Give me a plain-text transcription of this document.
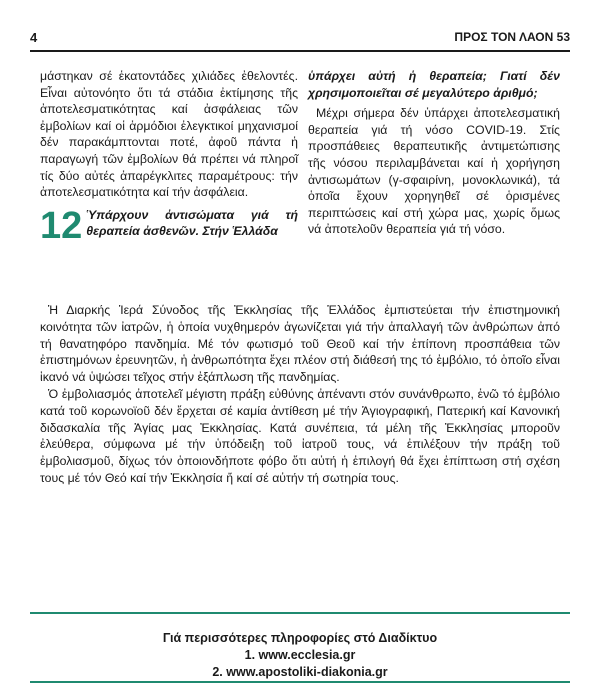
4	ΠΡΟΣ ΤΟΝ ΛΑΟΝ 53

μάστηκαν σέ ἑκατοντάδες χιλιάδες ἐθελοντές. Εἶναι αὐτονόητο ὅτι τά στάδια ἐκτίμησης τῆς ἀποτελεσματικότητας καί ἀσφάλειας τῶν ἐμβολίων καί οἱ ἁρμόδιοι ἐλεγκτικοί μηχανισμοί δέν παρακάμπτονται ποτέ, ἀφοῦ πάντα ἡ παραγωγή τῶν ἐμβολίων θά πρέπει νά πληροῖ τίς δύο αὐτές ἀπαρέγκλιτες παραμέτρους: τήν ἀποτελεσματικότητα καί τήν ἀσφάλεια.

12 Ὑπάρχουν ἀντισώματα γιά τή θεραπεία ἀσθενῶν. Στήν Ἑλλάδα

ὑπάρχει αὐτή ἡ θεραπεία; Γιατί δέν χρησιμοποιεῖται σέ μεγαλύτερο ἀριθμό;

Μέχρι σήμερα δέν ὑπάρχει ἀποτελεσματική θεραπεία γιά τή νόσο COVID-19. Στίς προσπάθειες θεραπευτικῆς ἀντιμετώπισης τῆς νόσου περιλαμβάνεται καί ἡ χορήγηση ἀντισωμάτων (γ-σφαιρίνη, μονοκλωνικά), τά ὁποῖα ἔχουν χορηγηθεῖ σέ ὁρισμένες περιπτώσεις καί στή χώρα μας, χωρίς ὅμως νά ἀποτελοῦν θεραπεία γιά τή νόσο.

Ἡ Διαρκής Ἱερά Σύνοδος τῆς Ἐκκλησίας τῆς Ἑλλάδος ἐμπιστεύεται τήν ἐπιστημονική κοινότητα τῶν ἰατρῶν, ἡ ὁποία νυχθημερόν ἀγωνίζεται γιά τήν ἀπαλλαγή τῶν ἀνθρώπων ἀπό τή θανατηφόρο πανδημία. Μέ τόν φωτισμό τοῦ Θεοῦ καί τήν ἐπίπονη προσπάθεια τῶν ἐπιστημόνων ἐρευνητῶν, ἡ ἀνθρωπότητα ἔχει πλέον στή διάθεσή της τό ἐμβόλιο, τό ὁποῖο εἶναι ἱκανό νά ὑψώσει τεῖχος στήν ἐξάπλωση τῆς πανδημίας.

Ὁ ἐμβολιασμός ἀποτελεῖ μέγιστη πράξη εὐθύνης ἀπέναντι στόν συνάνθρωπο, ἐνῶ τό ἐμβόλιο κατά τοῦ κορωνοϊοῦ δέν ἔρχεται σέ καμία ἀντίθεση μέ τήν Ἁγιογραφική, Πατερική καί Κανονική διδασκαλία τῆς Ἁγίας μας Ἐκκλησίας. Κατά συνέπεια, τά μέλη τῆς Ἐκκλησίας μποροῦν ἐλεύθερα, σύμφωνα μέ τήν ὑπόδειξη τοῦ ἰατροῦ τους, νά ἐπιλέξουν τήν πράξη τοῦ ἐμβολιασμοῦ, δίχως τόν ὁποιονδήποτε φόβο ὅτι αὐτή ἡ ἐπιλογή θά ἔχει ἐπίπτωση στή σχέση τους μέ τόν Θεό καί τήν Ἐκκλησία ἤ καί σέ αὐτήν τή σωτηρία τους.

Γιά περισσότερες πληροφορίες στό Διαδίκτυο
1. www.ecclesia.gr
2. www.apostoliki-diakonia.gr
